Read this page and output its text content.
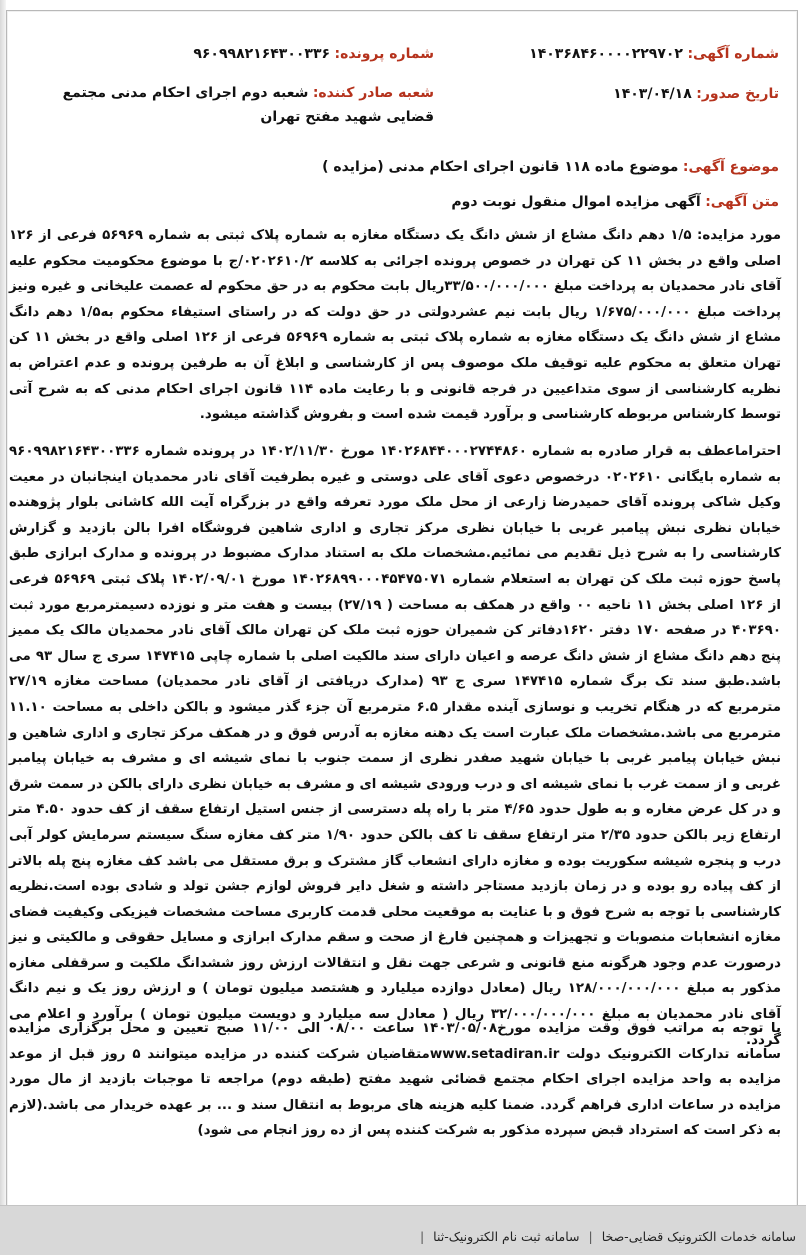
شماره آگهی: ۱۴۰۳۶۸۴۶۰۰۰۰۲۲۹۷۰۲
شماره پرونده: ۹۶۰۹۹۸۲۱۶۴۳۰۰۳۳۶
تاریخ صدور: ۱۴۰۳/۰۴/۱۸
شعبه صادر کننده: شعبه دوم اجرای احکام مدنی مجتمع قضایی شهید مفتح تهران
موضوع آگهی: موضوع ماده ۱۱۸ قانون اجرای احکام مدنی (مزایده )
متن آگهی: آگهی مزایده اموال منقول نوبت دوم
مورد مزایده: ۱/۵ دهم دانگ مشاع از شش دانگ یک دستگاه مغازه به شماره پلاک ثبتی به شماره ۵۶۹۶۹ فرعی از ۱۲۶ اصلی واقع در بخش ۱۱ کن تهران در خصوص پرونده اجرائی به کلاسه ۰۲۰۲۶۱۰/۲/ج با موضوع محکومیت محکوم علیه آقای نادر محمدیان به پرداخت مبلغ ۳۳/۵۰۰/۰۰۰/۰۰۰ریال بابت محکوم به در حق محکوم له عصمت علیخانی و غیره ونیز پرداخت مبلغ ۱/۶۷۵/۰۰۰/۰۰۰ ریال بابت نیم عشردولتی در حق دولت که در راستای استیفاء محکوم به۱/۵ دهم دانگ مشاع از شش دانگ یک دستگاه مغازه به شماره پلاک ثبتی به شماره ۵۶۹۶۹ فرعی از ۱۲۶ اصلی واقع در بخش ۱۱ کن تهران متعلق به محکوم علیه توقیف ملک موصوف پس از کارشناسی و ابلاغ آن به طرفین پرونده و عدم اعتراض به نظریه کارشناسی از سوی متداعیین در فرجه قانونی و با رعایت ماده ۱۱۴ قانون اجرای احکام مدنی که به شرح آتی توسط کارشناس مربوطه کارشناسی و برآورد قیمت شده است و بفروش گذاشته میشود.
احتراماعطف به قرار صادره به شماره ۱۴۰۲۶۸۴۴۰۰۰۲۷۴۴۸۶۰ مورخ ۱۴۰۲/۱۱/۳۰ در پرونده شماره ۹۶۰۹۹۸۲۱۶۴۳۰۰۳۳۶ به شماره بایگانی ۰۲۰۲۶۱۰ درخصوص دعوی آقای علی دوستی و غیره بطرفیت آقای نادر محمدیان اینجانبان در معیت وکیل شاکی پرونده آقای حمیدرضا زارعی از محل ملک مورد تعرفه واقع در بزرگراه آیت الله کاشانی بلوار پژوهنده خیابان نظری نبش پیامبر غربی با خیابان نظری مرکز تجاری و اداری شاهین فروشگاه افرا بالن بازدید و گزارش کارشناسی را به شرح ذیل تقدیم می نمائیم.مشخصات ملک به استناد مدارک مضبوط در پرونده و مدارک ابرازی طبق پاسخ حوزه ثبت ملک کن تهران به استعلام شماره ۱۴۰۲۶۸۹۹۰۰۰۴۵۴۷۵۰۷۱ مورخ ۱۴۰۲/۰۹/۰۱ پلاک ثبتی ۵۶۹۶۹ فرعی از ۱۲۶ اصلی بخش ۱۱ ناحیه ۰۰ واقع در همکف به مساحت ( ۲۷/۱۹) بیست و هفت متر و نوزده دسیمترمربع مورد ثبت ۴۰۳۶۹۰ در صفحه ۱۷۰ دفتر ۱۶۲۰دفاتر کن شمیران حوزه ثبت ملک کن تهران مالک آقای نادر محمدیان مالک یک ممیز پنج دهم دانگ مشاع از شش دانگ عرصه و اعیان دارای سند مالکیت اصلی با شماره چاپی ۱۴۷۴۱۵ سری ج سال ۹۳ می باشد.طبق سند تک برگ شماره ۱۴۷۴۱۵ سری ج ۹۳ (مدارک دریافتی از آقای نادر محمدیان) مساحت مغازه ۲۷/۱۹ مترمربع که در هنگام تخریب و نوسازی آینده مقدار ۶.۵ مترمربع آن جزء گذر میشود و بالکن داخلی به مساحت ۱۱.۱۰ مترمربع می باشد.مشخصات ملک عبارت است یک دهنه مغازه به آدرس فوق و در همکف مرکز تجاری و اداری شاهین و نبش خیابان پیامبر غربی با خیابان شهید صفدر نظری از سمت جنوب با نمای شیشه ای و مشرف به خیابان پیامبر غربی و از سمت غرب با نمای شیشه ای و درب ورودی شیشه ای و مشرف به خیابان نظری دارای بالکن در سمت شرق و در کل عرض مغاره و به طول حدود ۴/۶۵ متر با راه پله دسترسی از جنس استیل ارتفاع سقف از کف حدود ۴.۵۰ متر ارتفاع زیر بالکن حدود ۲/۳۵ متر ارتفاع سقف تا کف بالکن حدود ۱/۹۰ متر کف مغازه سنگ سیستم سرمایش کولر آبی درب و پنجره شیشه سکوریت بوده و مغازه دارای انشعاب گاز مشترک و برق مستقل می باشد کف مغازه پنج پله بالاتر از کف پیاده رو بوده و در زمان بازدید مستاجر داشته و شغل دایر فروش لوازم جشن تولد و شادی بوده است.نظریه کارشناسی با توجه به شرح فوق و با عنایت به موقعیت محلی قدمت کاربری مساحت مشخصات فیزیکی وکیفیت فضای مغازه انشعابات منصوبات و تجهیزات و همچنین فارغ از صحت و سقم مدارک ابرازی و مسایل حقوقی و مالکیتی و نیز درصورت عدم وجود هرگونه منع قانونی و شرعی جهت نقل و انتقالات ارزش روز ششدانگ ملکیت و سرقفلی مغازه مذکور به مبلغ ۱۲۸/۰۰۰/۰۰۰/۰۰۰ ریال (معادل دوازده میلیارد و هشتصد میلیون تومان ) و ارزش روز یک و نیم دانگ آقای نادر محمدیان به مبلغ ۳۲/۰۰۰/۰۰۰/۰۰۰ ریال ( معادل سه میلیارد و دویست میلیون تومان ) برآورد و اعلام می گردد.
با توجه به مراتب فوق وقت مزایده مورخ۱۴۰۳/۰۵/۰۸ ساعت ۰۸/۰۰ الی ۱۱/۰۰ صبح تعیین و محل برگزاری مزایده سامانه تدارکات الکترونیک دولت www.setadiran.irمتقاضیان شرکت کننده در مزایده میتوانند ۵ روز قبل از موعد مزایده به واحد مزایده اجرای احکام مجتمع قضائی شهید مفتح (طبقه دوم) مراجعه تا موجبات بازدید از مال مورد مزایده در ساعات اداری فراهم گردد. ضمنا کلیه هزینه های مربوط به انتقال سند و ... بر عهده خریدار می باشد.(لازم به ذکر است که استرداد قبض سپرده مذکور به شرکت کننده پس از ده روز انجام می شود)
سامانه خدمات الکترونیک قضایی-صخا | سامانه ثبت نام الکترونیک-ثنا |
